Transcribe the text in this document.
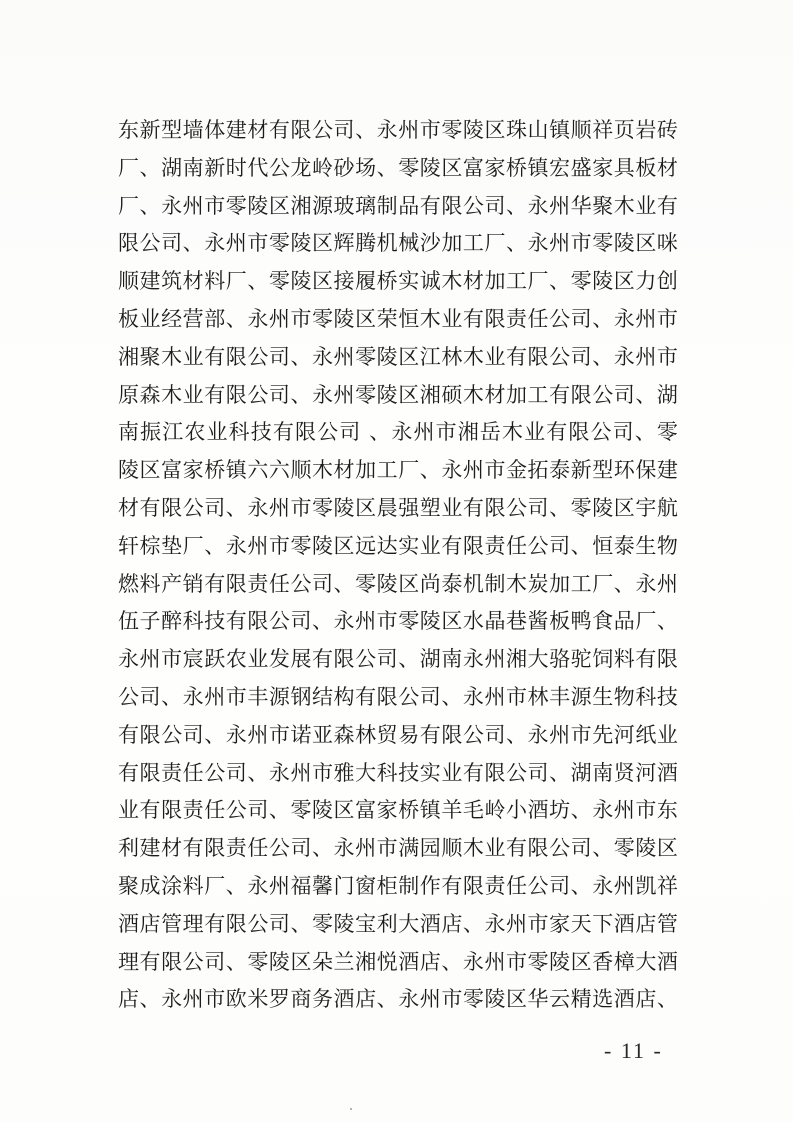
东新型墙体建材有限公司、永州市零陵区珠山镇顺祥页岩砖
厂、湖南新时代公龙岭砂场、零陵区富家桥镇宏盛家具板材
厂、永州市零陵区湘源玻璃制品有限公司、永州华聚木业有
限公司、永州市零陵区辉腾机械沙加工厂、永州市零陵区咪
顺建筑材料厂、零陵区接履桥实诚木材加工厂、零陵区力创
板业经营部、永州市零陵区荣恒木业有限责任公司、永州市
湘聚木业有限公司、永州零陵区江林木业有限公司、永州市
原森木业有限公司、永州零陵区湘硕木材加工有限公司、湖
南振江农业科技有限公司 、永州市湘岳木业有限公司、零
陵区富家桥镇六六顺木材加工厂、永州市金拓泰新型环保建
材有限公司、永州市零陵区晨强塑业有限公司、零陵区宇航
轩棕垫厂、永州市零陵区远达实业有限责任公司、恒泰生物
燃料产销有限责任公司、零陵区尚泰机制木炭加工厂、永州
伍子醉科技有限公司、永州市零陵区水晶巷酱板鸭食品厂、
永州市宸跃农业发展有限公司、湖南永州湘大骆驼饲料有限
公司、永州市丰源钢结构有限公司、永州市林丰源生物科技
有限公司、永州市诺亚森林贸易有限公司、永州市先河纸业
有限责任公司、永州市雅大科技实业有限公司、湖南贤河酒
业有限责任公司、零陵区富家桥镇羊毛岭小酒坊、永州市东
利建材有限责任公司、永州市满园顺木业有限公司、零陵区
聚成涂料厂、永州福馨门窗柜制作有限责任公司、永州凯祥
酒店管理有限公司、零陵宝利大酒店、永州市家天下酒店管
理有限公司、零陵区朵兰湘悦酒店、永州市零陵区香樟大酒
店、永州市欧米罗商务酒店、永州市零陵区华云精选酒店、
- 11 -
